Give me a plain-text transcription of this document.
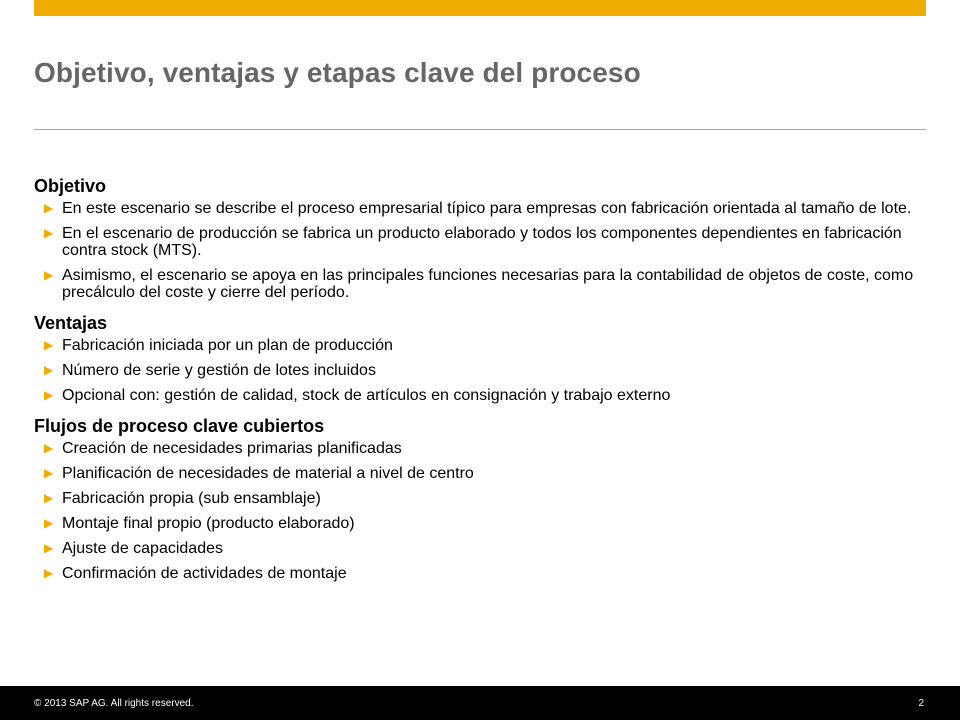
Objetivo, ventajas y etapas clave del proceso
Objetivo
▶ En este escenario se describe el proceso empresarial típico para empresas con fabricación orientada al tamaño de lote.
▶ En el escenario de producción se fabrica un producto elaborado y todos los componentes dependientes en fabricación contra stock (MTS).
▶ Asimismo, el escenario se apoya en las principales funciones necesarias para la contabilidad de objetos de coste, como precálculo del coste y cierre del período.
Ventajas
▶ Fabricación iniciada por un plan de producción
▶ Número de serie y gestión de lotes incluidos
▶ Opcional con: gestión de calidad, stock de artículos en consignación y trabajo externo
Flujos de proceso clave cubiertos
▶ Creación de necesidades primarias planificadas
▶ Planificación de necesidades de material a nivel de centro
▶ Fabricación propia (sub ensamblaje)
▶ Montaje final propio (producto elaborado)
▶ Ajuste de capacidades
▶ Confirmación de actividades de montaje
© 2013 SAP AG. All rights reserved.	2
